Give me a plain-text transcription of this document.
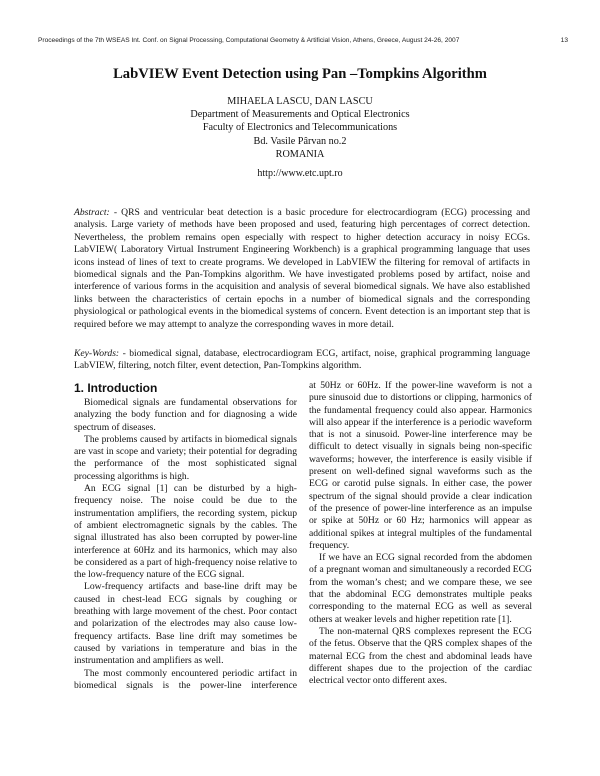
Proceedings of the 7th WSEAS Int. Conf. on Signal Processing, Computational Geometry & Artificial Vision, Athens, Greece, August 24-26, 2007	13
LabVIEW Event Detection using Pan –Tompkins Algorithm
MIHAELA LASCU, DAN LASCU
Department of Measurements and Optical Electronics
Faculty of Electronics and Telecommunications
Bd. Vasile Pârvan no.2
ROMANIA
http://www.etc.upt.ro
Abstract: - QRS and ventricular beat detection is a basic procedure for electrocardiogram (ECG) processing and analysis. Large variety of methods have been proposed and used, featuring high percentages of correct detection. Nevertheless, the problem remains open especially with respect to higher detection accuracy in noisy ECGs. LabVIEW( Laboratory Virtual Instrument Engineering Workbench) is a graphical programming language that uses icons instead of lines of text to create programs. We developed in LabVIEW the filtering for removal of artifacts in biomedical signals and the Pan-Tompkins algorithm. We have investigated problems posed by artifact, noise and interference of various forms in the acquisition and analysis of several biomedical signals. We have also established links between the characteristics of certain epochs in a number of biomedical signals and the corresponding physiological or pathological events in the biomedical systems of concern. Event detection is an important step that is required before we may attempt to analyze the corresponding waves in more detail.
Key-Words: - biomedical signal, database, electrocardiogram ECG, artifact, noise, graphical programming language LabVIEW, filtering, notch filter, event detection, Pan-Tompkins algorithm.
1. Introduction

Biomedical signals are fundamental observations for analyzing the body function and for diagnosing a wide spectrum of diseases.

The problems caused by artifacts in biomedical signals are vast in scope and variety; their potential for degrading the performance of the most sophisticated signal processing algorithms is high.

An ECG signal [1] can be disturbed by a high-frequency noise. The noise could be due to the instrumentation amplifiers, the recording system, pickup of ambient electromagnetic signals by the cables. The signal illustrated has also been corrupted by power-line interference at 60Hz and its harmonics, which may also be considered as a part of high-frequency noise relative to the low-frequency nature of the ECG signal.

Low-frequency artifacts and base-line drift may be caused in chest-lead ECG signals by coughing or breathing with large movement of the chest. Poor contact and polarization of the electrodes may also cause low-frequency artifacts. Base line drift may sometimes be caused by variations in temperature and bias in the instrumentation and amplifiers as well.

The most commonly encountered periodic artifact in biomedical signals is the power-line interference

at 50Hz or 60Hz. If the power-line waveform is not a pure sinusoid due to distortions or clipping, harmonics of the fundamental frequency could also appear. Harmonics will also appear if the interference is a periodic waveform that is not a sinusoid. Power-line interference may be difficult to detect visually in signals being non-specific waveforms; however, the interference is easily visible if present on well-defined signal waveforms such as the ECG or carotid pulse signals. In either case, the power spectrum of the signal should provide a clear indication of the presence of power-line interference as an impulse or spike at 50Hz or 60 Hz; harmonics will appear as additional spikes at integral multiples of the fundamental frequency.

If we have an ECG signal recorded from the abdomen of a pregnant woman and simultaneously a recorded ECG from the woman’s chest; and we compare these, we see that the abdominal ECG demonstrates multiple peaks corresponding to the maternal ECG as well as several others at weaker levels and higher repetition rate [1].

The non-maternal QRS complexes represent the ECG of the fetus. Observe that the QRS complex shapes of the maternal ECG from the chest and abdominal leads have different shapes due to the projection of the cardiac electrical vector onto different axes.
